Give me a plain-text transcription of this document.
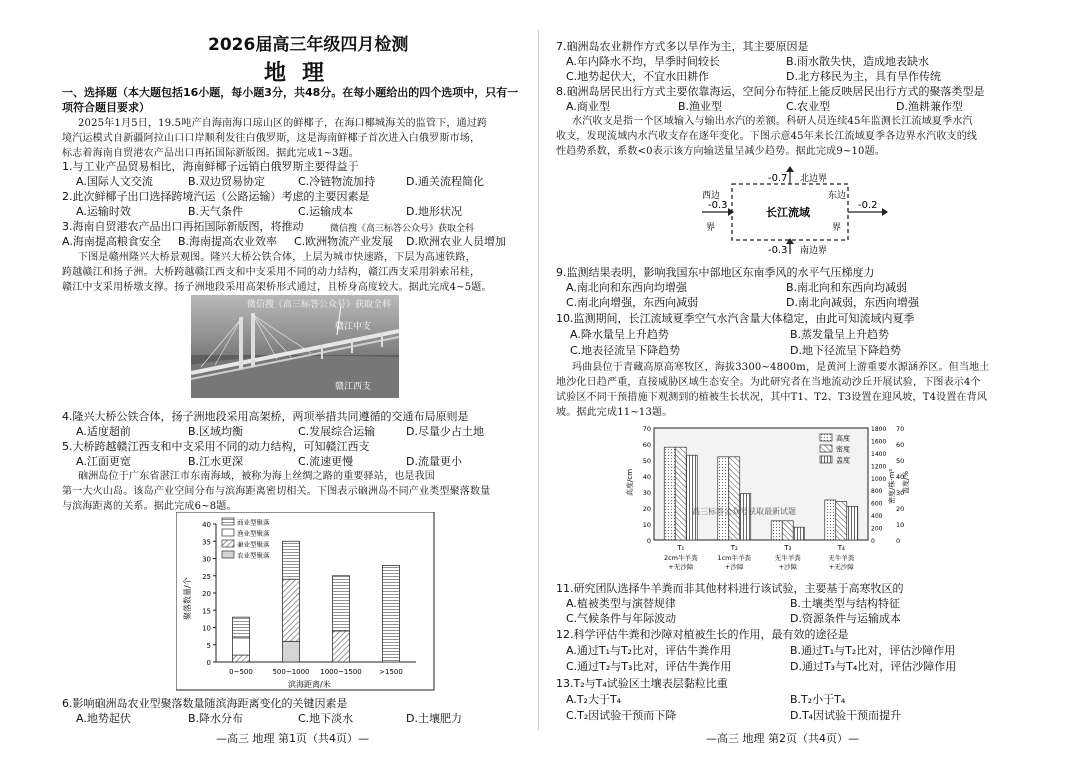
2026届高三年级四月检测
地理
一、选择题（本大题包括16小题，每小题3分，共48分。在每小题给出的四个选项中，只有一
项符合题目要求）
2025年1月5日，19.5吨产自海南海口琼山区的鲜椰子，在海口椰城海关的监管下，通过跨
境汽运模式自新疆阿拉山口口岸顺利发往白俄罗斯，这是海南鲜椰子首次进入白俄罗斯市场，
标志着海南自贸港农产品出口再拓国际新版图。据此完成1~3题。
1.与工业产品贸易相比，海南鲜椰子远销白俄罗斯主要得益于
A.国际人文交流	B.双边贸易协定	C.冷链物流加持	D.通关流程简化
2.此次鲜椰子出口选择跨境汽运（公路运输）考虑的主要因素是
A.运输时效	B.天气条件	C.运输成本	D.地形状况
3.海南自贸港农产品出口再拓国际新版图，将推动	微信搜《高三标答公众号》获取全科
A.海南提高粮食安全 B.海南提高农业效率 C.欧洲物流产业发展 D.欧洲农业人员增加
下图是赣州隆兴大桥景观图。隆兴大桥公铁合体，上层为城市快速路，下层为高速铁路，
跨越赣江和扬子洲。大桥跨越赣江西支和中支采用不同的动力结构，赣江西支采用斜索吊桂，
赣江中支采用桥墩支撑。扬子洲地段采用高架桥形式通过，且桥身高度较大。据此完成4~5题。
微信搜《高三标答公众号》获取全科
赣江中支
赣江西支
4.隆兴大桥公铁合体，扬子洲地段采用高架桥，两项举措共同遵循的交通布局原则是
A.适度超前	B.区域均衡	C.发展综合运输	D.尽量少占土地
5.大桥跨越赣江西支和中支采用不同的动力结构，可知赣江西支
A.江面更宽	B.江水更深	C.流速更慢	D.流量更小
硇洲岛位于广东省湛江市东南海域，被称为海上丝绸之路的重要驿站，也是我国
第一大火山岛。该岛产业空间分布与滨海距离密切相关。下图表示硇洲岛不同产业类型聚落数量
与滨海距离的关系。据此完成6~8题。
0
5
10
15
20
25
30
35
40
0~500	500~1000 1000~1500 >1500
滨海距离/米
聚落数量/个
商业型聚落
渔业型聚落
兼业型聚落
农业型聚落
6.影响硇洲岛农业型聚落数量随滨海距离变化的关键因素是
A.地势起伏	B.降水分布	C.地下淡水	D.土壤肥力
—高三 地理 第1页（共4页）—
7.硇洲岛农业耕作方式多以旱作为主，其主要原因是
A.年内降水不均，旱季时间较长	B.雨水散失快，造成地表缺水
C.地势起伏大，不宜水田耕作	D.北方移民为主，具有旱作传统
8.硇洲岛居民出行方式主要依靠海运，空间分布特征上能反映居民出行方式的聚落类型是
A.商业型	B.渔业型	C.农业型	D.渔耕兼作型
水汽收支是指一个区域输入与输出水汽的差额。科研人员连续45年监测长江流域夏季水汽
收支，发现流域内水汽收支存在逐年变化。下图示意45年来长江流域夏季各边界水汽收支的线
性趋势系数，系数<0表示该方向输送量呈减少趋势。据此完成9~10题。
-0.7 北边界
-0.3 南边界
长江流域
-0.3
西边
界
东边
界
-0.2
9.监测结果表明，影响我国东中部地区东南季风的水平气压梯度力
A.南北向和东西向均增强	B.南北向和东西向均减弱
C.南北向增强，东西向减弱	D.南北向减弱，东西向增强
10.监测期间，长江流域夏季空气水汽含量大体稳定，由此可知流域内夏季
A.降水量呈上升趋势	B.蒸发量呈上升趋势
C.地表径流呈下降趋势	D.地下径流呈下降趋势
玛曲县位于青藏高原高寒牧区，海拔3300~4800m，是黄河上游重要水源涵养区。但当地土
地沙化日趋严重，直接威胁区域生态安全。为此研究者在当地流动沙丘开展试验，下图表示4个
试验区不同干预措施下观测到的植被生长状况，其中T1、T2、T3设置在迎风坡，T4设置在背风
坡。据此完成11~13题。
0
10
20
30
40
50
60
70
0
200
400
600
800
1000
1200
1400
1600
1800
0
10
20
30
40
50
60
70
T₁
2cm牛羊粪
+无沙障
T₂
1cm牛羊粪
+沙障
T₃
无牛羊粪
+沙障
T₄
无牛羊粪
+无沙障
高度
密度
盖度
高度/cm	密度/株·m² 盖度/%
高三标答公众号获取最新试题
11.研究团队选择牛羊粪而非其他材料进行该试验，主要基于高寒牧区的
A.植被类型与演替规律	B.土壤类型与结构特征
C.气候条件与年际波动	D.资源条件与运输成本
12.科学评估牛粪和沙障对植被生长的作用，最有效的途径是
A.通过T₁与T₂比对，评估牛粪作用	B.通过T₁与T₂比对，评估沙障作用
C.通过T₂与T₃比对，评估牛粪作用	D.通过T₃与T₄比对，评估沙障作用
13.T₂与T₄试验区土壤表层黏粒比重
A.T₂大于T₄	B.T₂小于T₄
C.T₂因试验干预而下降	D.T₄因试验干预而提升
—高三 地理 第2页（共4页）—
